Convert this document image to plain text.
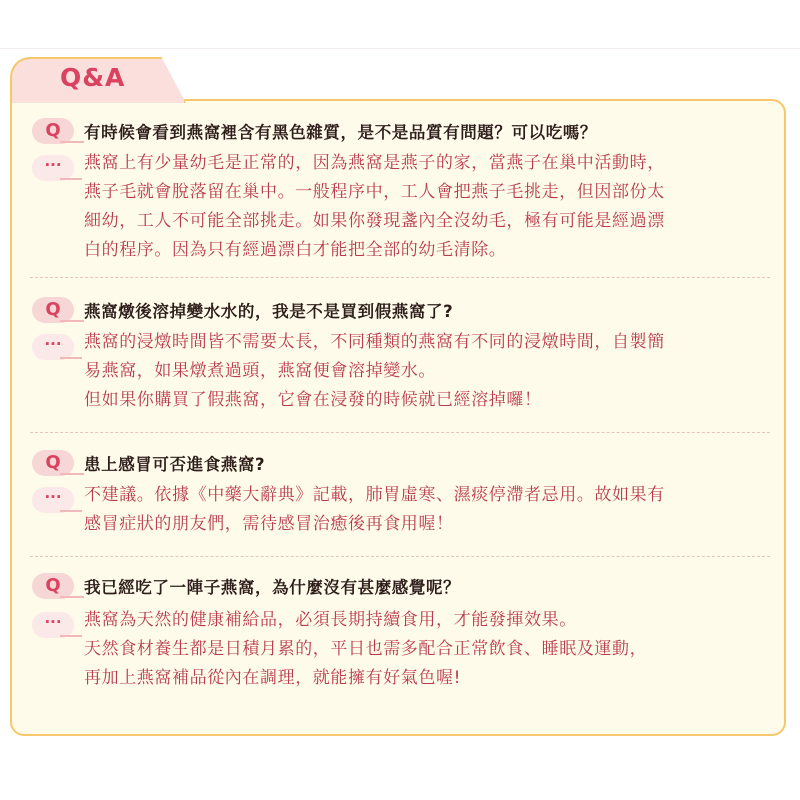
Q&A
Q	有時候會看到燕窩裡含有黑色雜質，是不是品質有問題？可以吃嗎？
···	燕窩上有少量幼毛是正常的，因為燕窩是燕子的家，當燕子在巢中活動時，
燕子毛就會脫落留在巢中。一般程序中，工人會把燕子毛挑走，但因部份太
細幼，工人不可能全部挑走。如果你發現盞內全沒幼毛，極有可能是經過漂
白的程序。因為只有經過漂白才能把全部的幼毛清除。
Q	燕窩燉後溶掉變水水的，我是不是買到假燕窩了?
···	燕窩的浸燉時間皆不需要太長，不同種類的燕窩有不同的浸燉時間，自製簡
易燕窩，如果燉煮過頭，燕窩便會溶掉變水。
但如果你購買了假燕窩，它會在浸發的時候就已經溶掉囉！
Q	患上感冒可否進食燕窩?
···	不建議。依據《中藥大辭典》記載，肺胃虛寒、濕痰停滯者忌用。故如果有
感冒症狀的朋友們，需待感冒治癒後再食用喔！
Q	我已經吃了一陣子燕窩，為什麼沒有甚麼感覺呢？
···	燕窩為天然的健康補給品，必須長期持續食用，才能發揮效果。
天然食材養生都是日積月累的，平日也需多配合正常飲食、睡眠及運動，
再加上燕窩補品從內在調理，就能擁有好氣色喔!
